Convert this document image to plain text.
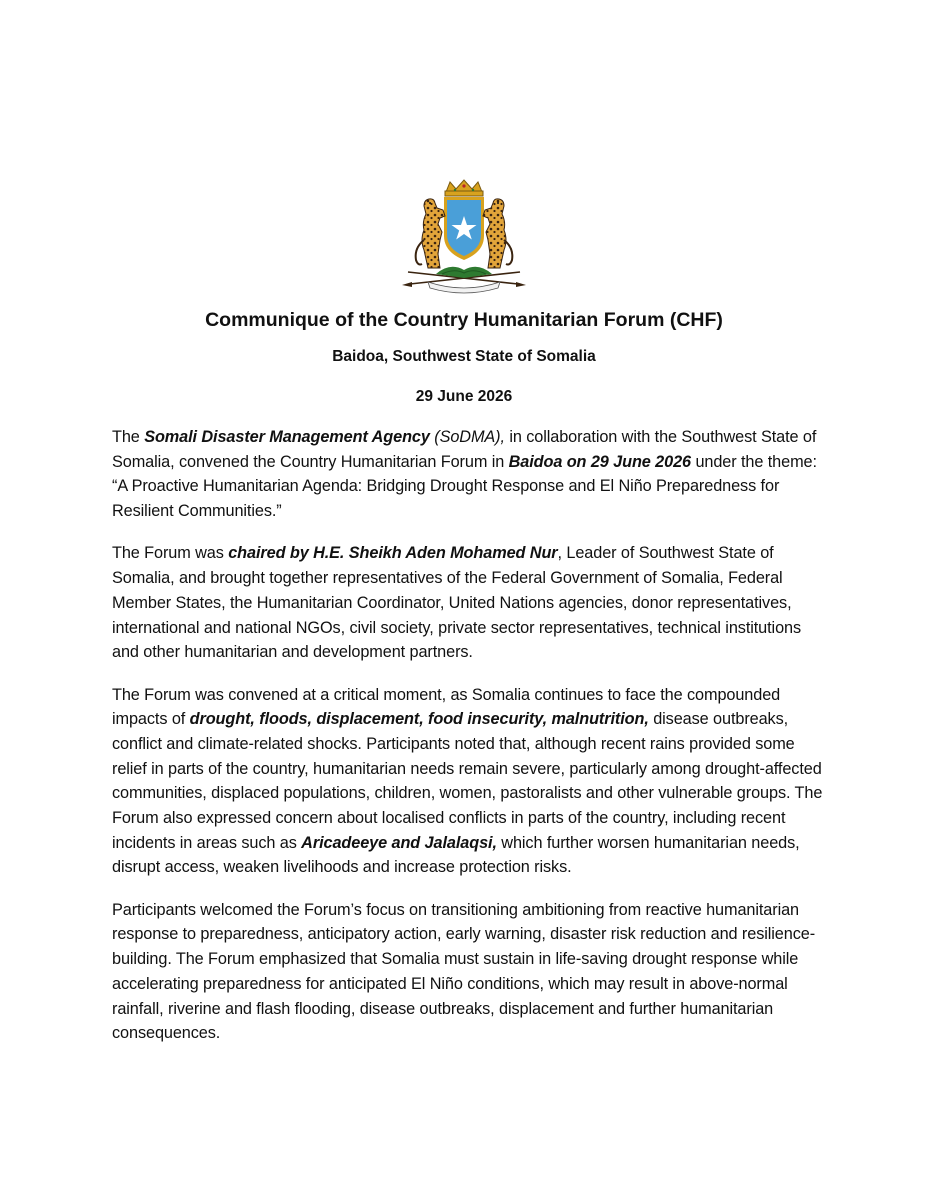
Communique of the Country Humanitarian Forum (CHF)
Baidoa, Southwest State of Somalia
29 June 2026

The Somali Disaster Management Agency (SoDMA), in collaboration with the Southwest State of Somalia, convened the Country Humanitarian Forum in Baidoa on 29 June 2026 under the theme: “A Proactive Humanitarian Agenda: Bridging Drought Response and El Niño Preparedness for Resilient Communities.”

The Forum was chaired by H.E. Sheikh Aden Mohamed Nur, Leader of Southwest State of Somalia, and brought together representatives of the Federal Government of Somalia, Federal Member States, the Humanitarian Coordinator, United Nations agencies, donor representatives, international and national NGOs, civil society, private sector representatives, technical institutions and other humanitarian and development partners.

The Forum was convened at a critical moment, as Somalia continues to face the compounded impacts of drought, floods, displacement, food insecurity, malnutrition, disease outbreaks, conflict and climate-related shocks. Participants noted that, although recent rains provided some relief in parts of the country, humanitarian needs remain severe, particularly among drought-affected communities, displaced populations, children, women, pastoralists and other vulnerable groups. The Forum also expressed concern about localised conflicts in parts of the country, including recent incidents in areas such as Aricadeeye and Jalalaqsi, which further worsen humanitarian needs, disrupt access, weaken livelihoods and increase protection risks.

Participants welcomed the Forum’s focus on transitioning ambitioning from reactive humanitarian response to preparedness, anticipatory action, early warning, disaster risk reduction and resilience-building. The Forum emphasized that Somalia must sustain in life-saving drought response while accelerating preparedness for anticipated El Niño conditions, which may result in above-normal rainfall, riverine and flash flooding, disease outbreaks, displacement and further humanitarian consequences.
